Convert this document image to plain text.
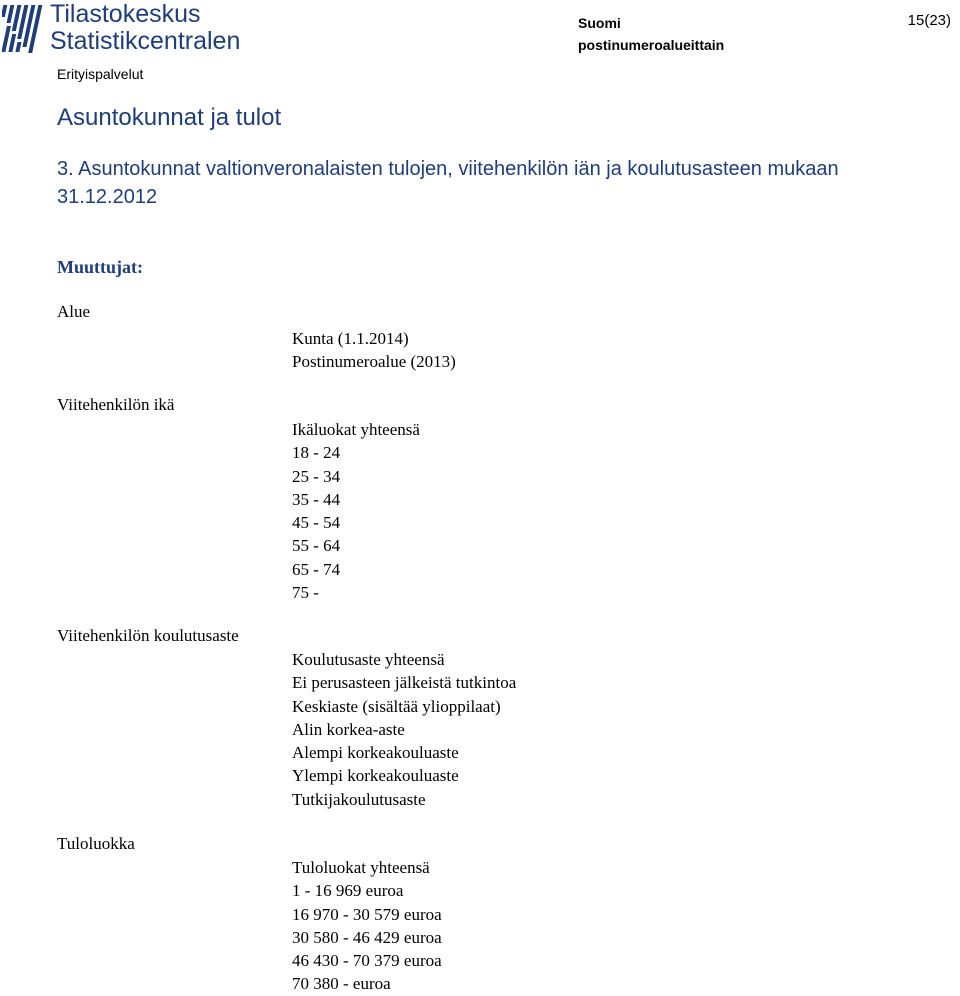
Tilastokeskus
Statistikcentralen
Suomi
postinumeroalueittain
15(23)
Erityispalvelut
Asuntokunnat ja tulot
3. Asuntokunnat valtionveronalaisten tulojen, viitehenkilön iän ja koulutusasteen mukaan 31.12.2012
Muuttujat:
Alue
Kunta (1.1.2014)
Postinumeroalue (2013)
Viitehenkilön ikä
Ikäluokat yhteensä
18 - 24
25 - 34
35 - 44
45 - 54
55 - 64
65 - 74
75 -
Viitehenkilön koulutusaste
Koulutusaste yhteensä
Ei perusasteen jälkeistä tutkintoa
Keskiaste (sisältää ylioppilaat)
Alin korkea-aste
Alempi korkeakouluaste
Ylempi korkeakouluaste
Tutkijakoulutusaste
Tuloluokka
Tuloluokat yhteensä
1 - 16 969 euroa
16 970 - 30 579 euroa
30 580 - 46 429 euroa
46 430 - 70 379 euroa
70 380 - euroa
